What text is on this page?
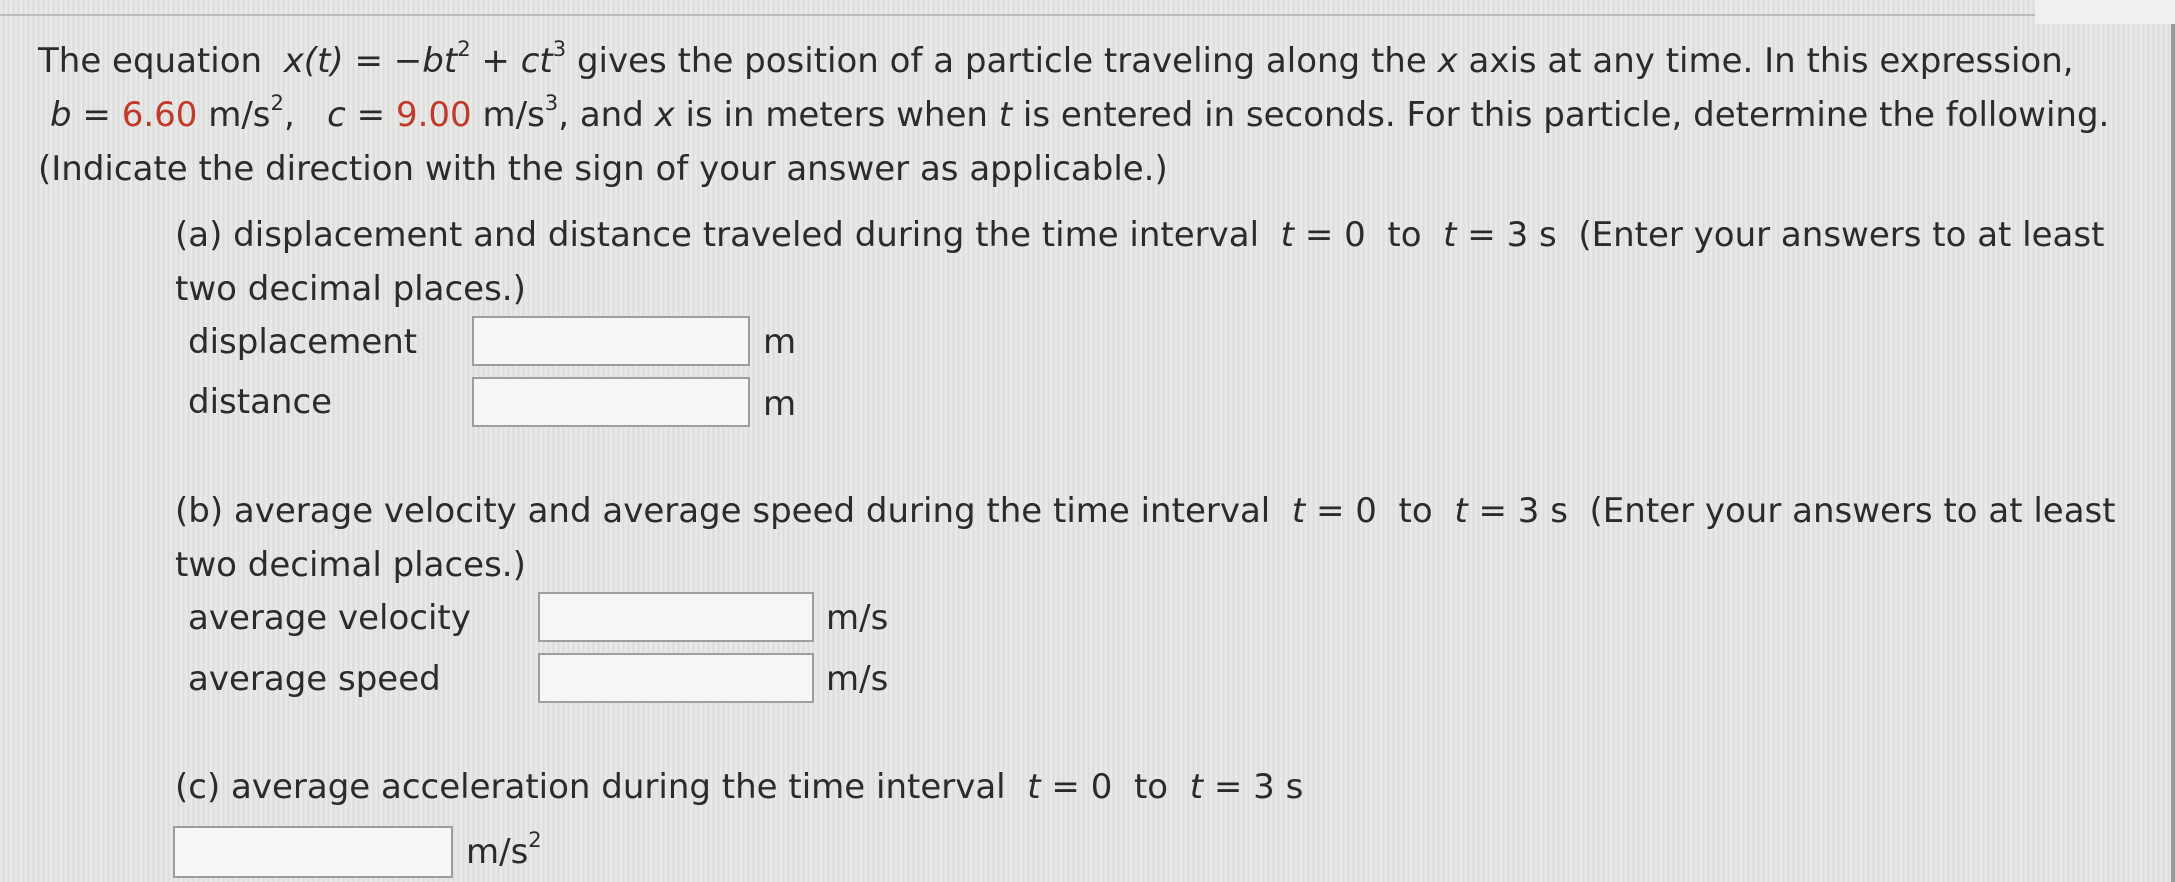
The equation $x(t) = -bt^2 + ct^3$ gives the position of a particle traveling along the x axis at any time. In this expression,

b = 6.60 $m/s^2$,   c = 9.00 $m/s^3$, and x is in meters when t is entered in seconds. For this particle, determine the following.

(Indicate the direction with the sign of your answer as applicable.)

(a) displacement and distance traveled during the time interval  t = 0  to  t = 3 s  (Enter your answers to at least

two decimal places.)

displacement	m
distance	m

(b) average velocity and average speed during the time interval  t = 0  to  t = 3 s  (Enter your answers to at least

two decimal places.)

average velocity	m/s
average speed	m/s

(c) average acceleration during the time interval  t = 0  to  t = 3 s

$m/s^2$
